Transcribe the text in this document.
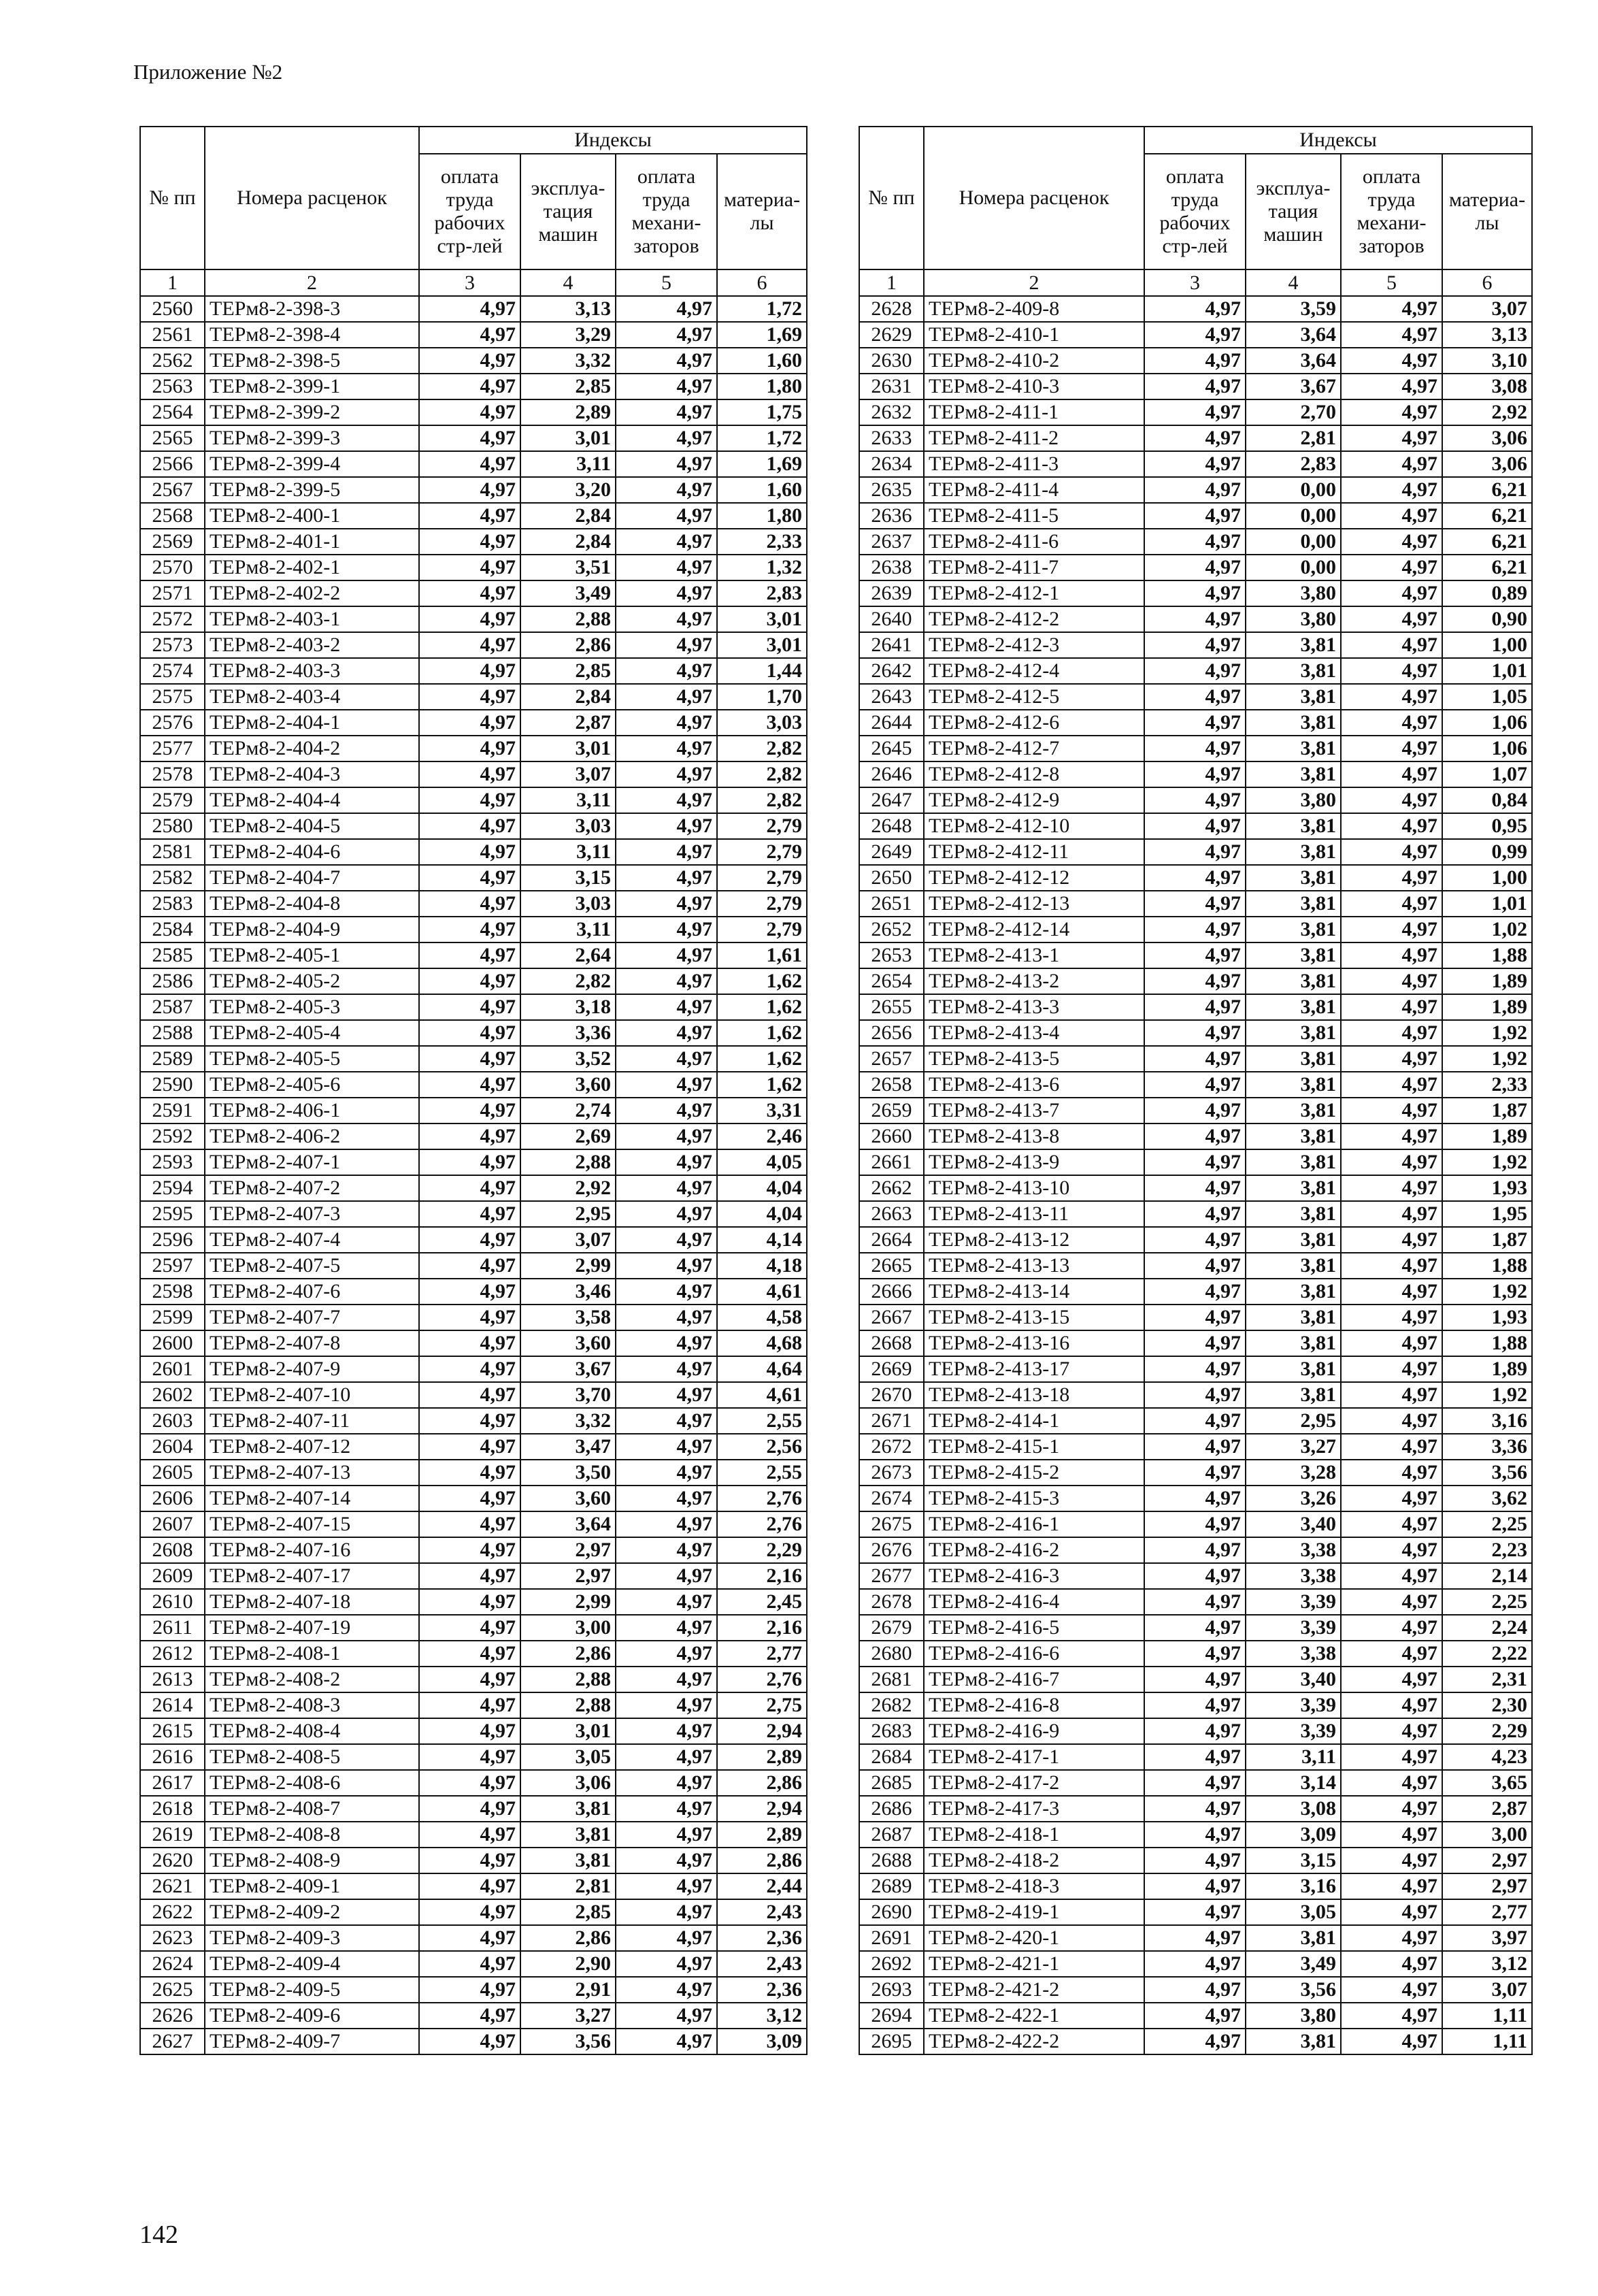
Приложение №2
№ пп	Номера расценок	Индексы			
		оплата труда рабочих стр-лей	эксплуа-тация машин	оплата труда механи-заторов	материа-лы
1	2	3	4	5	6
2560	ТЕРм8-2-398-3	4,97	3,13	4,97	1,72
2561	ТЕРм8-2-398-4	4,97	3,29	4,97	1,69
2562	ТЕРм8-2-398-5	4,97	3,32	4,97	1,60
2563	ТЕРм8-2-399-1	4,97	2,85	4,97	1,80
2564	ТЕРм8-2-399-2	4,97	2,89	4,97	1,75
2565	ТЕРм8-2-399-3	4,97	3,01	4,97	1,72
2566	ТЕРм8-2-399-4	4,97	3,11	4,97	1,69
2567	ТЕРм8-2-399-5	4,97	3,20	4,97	1,60
2568	ТЕРм8-2-400-1	4,97	2,84	4,97	1,80
2569	ТЕРм8-2-401-1	4,97	2,84	4,97	2,33
2570	ТЕРм8-2-402-1	4,97	3,51	4,97	1,32
2571	ТЕРм8-2-402-2	4,97	3,49	4,97	2,83
2572	ТЕРм8-2-403-1	4,97	2,88	4,97	3,01
2573	ТЕРм8-2-403-2	4,97	2,86	4,97	3,01
2574	ТЕРм8-2-403-3	4,97	2,85	4,97	1,44
2575	ТЕРм8-2-403-4	4,97	2,84	4,97	1,70
2576	ТЕРм8-2-404-1	4,97	2,87	4,97	3,03
2577	ТЕРм8-2-404-2	4,97	3,01	4,97	2,82
2578	ТЕРм8-2-404-3	4,97	3,07	4,97	2,82
2579	ТЕРм8-2-404-4	4,97	3,11	4,97	2,82
2580	ТЕРм8-2-404-5	4,97	3,03	4,97	2,79
2581	ТЕРм8-2-404-6	4,97	3,11	4,97	2,79
2582	ТЕРм8-2-404-7	4,97	3,15	4,97	2,79
2583	ТЕРм8-2-404-8	4,97	3,03	4,97	2,79
2584	ТЕРм8-2-404-9	4,97	3,11	4,97	2,79
2585	ТЕРм8-2-405-1	4,97	2,64	4,97	1,61
2586	ТЕРм8-2-405-2	4,97	2,82	4,97	1,62
2587	ТЕРм8-2-405-3	4,97	3,18	4,97	1,62
2588	ТЕРм8-2-405-4	4,97	3,36	4,97	1,62
2589	ТЕРм8-2-405-5	4,97	3,52	4,97	1,62
2590	ТЕРм8-2-405-6	4,97	3,60	4,97	1,62
2591	ТЕРм8-2-406-1	4,97	2,74	4,97	3,31
2592	ТЕРм8-2-406-2	4,97	2,69	4,97	2,46
2593	ТЕРм8-2-407-1	4,97	2,88	4,97	4,05
2594	ТЕРм8-2-407-2	4,97	2,92	4,97	4,04
2595	ТЕРм8-2-407-3	4,97	2,95	4,97	4,04
2596	ТЕРм8-2-407-4	4,97	3,07	4,97	4,14
2597	ТЕРм8-2-407-5	4,97	2,99	4,97	4,18
2598	ТЕРм8-2-407-6	4,97	3,46	4,97	4,61
2599	ТЕРм8-2-407-7	4,97	3,58	4,97	4,58
2600	ТЕРм8-2-407-8	4,97	3,60	4,97	4,68
2601	ТЕРм8-2-407-9	4,97	3,67	4,97	4,64
2602	ТЕРм8-2-407-10	4,97	3,70	4,97	4,61
2603	ТЕРм8-2-407-11	4,97	3,32	4,97	2,55
2604	ТЕРм8-2-407-12	4,97	3,47	4,97	2,56
2605	ТЕРм8-2-407-13	4,97	3,50	4,97	2,55
2606	ТЕРм8-2-407-14	4,97	3,60	4,97	2,76
2607	ТЕРм8-2-407-15	4,97	3,64	4,97	2,76
2608	ТЕРм8-2-407-16	4,97	2,97	4,97	2,29
2609	ТЕРм8-2-407-17	4,97	2,97	4,97	2,16
2610	ТЕРм8-2-407-18	4,97	2,99	4,97	2,45
2611	ТЕРм8-2-407-19	4,97	3,00	4,97	2,16
2612	ТЕРм8-2-408-1	4,97	2,86	4,97	2,77
2613	ТЕРм8-2-408-2	4,97	2,88	4,97	2,76
2614	ТЕРм8-2-408-3	4,97	2,88	4,97	2,75
2615	ТЕРм8-2-408-4	4,97	3,01	4,97	2,94
2616	ТЕРм8-2-408-5	4,97	3,05	4,97	2,89
2617	ТЕРм8-2-408-6	4,97	3,06	4,97	2,86
2618	ТЕРм8-2-408-7	4,97	3,81	4,97	2,94
2619	ТЕРм8-2-408-8	4,97	3,81	4,97	2,89
2620	ТЕРм8-2-408-9	4,97	3,81	4,97	2,86
2621	ТЕРм8-2-409-1	4,97	2,81	4,97	2,44
2622	ТЕРм8-2-409-2	4,97	2,85	4,97	2,43
2623	ТЕРм8-2-409-3	4,97	2,86	4,97	2,36
2624	ТЕРм8-2-409-4	4,97	2,90	4,97	2,43
2625	ТЕРм8-2-409-5	4,97	2,91	4,97	2,36
2626	ТЕРм8-2-409-6	4,97	3,27	4,97	3,12
2627	ТЕРм8-2-409-7	4,97	3,56	4,97	3,09
№ пп	Номера расценок	Индексы			
		оплата труда рабочих стр-лей	эксплуа-тация машин	оплата труда механи-заторов	материа-лы
1	2	3	4	5	6
2628	ТЕРм8-2-409-8	4,97	3,59	4,97	3,07
2629	ТЕРм8-2-410-1	4,97	3,64	4,97	3,13
2630	ТЕРм8-2-410-2	4,97	3,64	4,97	3,10
2631	ТЕРм8-2-410-3	4,97	3,67	4,97	3,08
2632	ТЕРм8-2-411-1	4,97	2,70	4,97	2,92
2633	ТЕРм8-2-411-2	4,97	2,81	4,97	3,06
2634	ТЕРм8-2-411-3	4,97	2,83	4,97	3,06
2635	ТЕРм8-2-411-4	4,97	0,00	4,97	6,21
2636	ТЕРм8-2-411-5	4,97	0,00	4,97	6,21
2637	ТЕРм8-2-411-6	4,97	0,00	4,97	6,21
2638	ТЕРм8-2-411-7	4,97	0,00	4,97	6,21
2639	ТЕРм8-2-412-1	4,97	3,80	4,97	0,89
2640	ТЕРм8-2-412-2	4,97	3,80	4,97	0,90
2641	ТЕРм8-2-412-3	4,97	3,81	4,97	1,00
2642	ТЕРм8-2-412-4	4,97	3,81	4,97	1,01
2643	ТЕРм8-2-412-5	4,97	3,81	4,97	1,05
2644	ТЕРм8-2-412-6	4,97	3,81	4,97	1,06
2645	ТЕРм8-2-412-7	4,97	3,81	4,97	1,06
2646	ТЕРм8-2-412-8	4,97	3,81	4,97	1,07
2647	ТЕРм8-2-412-9	4,97	3,80	4,97	0,84
2648	ТЕРм8-2-412-10	4,97	3,81	4,97	0,95
2649	ТЕРм8-2-412-11	4,97	3,81	4,97	0,99
2650	ТЕРм8-2-412-12	4,97	3,81	4,97	1,00
2651	ТЕРм8-2-412-13	4,97	3,81	4,97	1,01
2652	ТЕРм8-2-412-14	4,97	3,81	4,97	1,02
2653	ТЕРм8-2-413-1	4,97	3,81	4,97	1,88
2654	ТЕРм8-2-413-2	4,97	3,81	4,97	1,89
2655	ТЕРм8-2-413-3	4,97	3,81	4,97	1,89
2656	ТЕРм8-2-413-4	4,97	3,81	4,97	1,92
2657	ТЕРм8-2-413-5	4,97	3,81	4,97	1,92
2658	ТЕРм8-2-413-6	4,97	3,81	4,97	2,33
2659	ТЕРм8-2-413-7	4,97	3,81	4,97	1,87
2660	ТЕРм8-2-413-8	4,97	3,81	4,97	1,89
2661	ТЕРм8-2-413-9	4,97	3,81	4,97	1,92
2662	ТЕРм8-2-413-10	4,97	3,81	4,97	1,93
2663	ТЕРм8-2-413-11	4,97	3,81	4,97	1,95
2664	ТЕРм8-2-413-12	4,97	3,81	4,97	1,87
2665	ТЕРм8-2-413-13	4,97	3,81	4,97	1,88
2666	ТЕРм8-2-413-14	4,97	3,81	4,97	1,92
2667	ТЕРм8-2-413-15	4,97	3,81	4,97	1,93
2668	ТЕРм8-2-413-16	4,97	3,81	4,97	1,88
2669	ТЕРм8-2-413-17	4,97	3,81	4,97	1,89
2670	ТЕРм8-2-413-18	4,97	3,81	4,97	1,92
2671	ТЕРм8-2-414-1	4,97	2,95	4,97	3,16
2672	ТЕРм8-2-415-1	4,97	3,27	4,97	3,36
2673	ТЕРм8-2-415-2	4,97	3,28	4,97	3,56
2674	ТЕРм8-2-415-3	4,97	3,26	4,97	3,62
2675	ТЕРм8-2-416-1	4,97	3,40	4,97	2,25
2676	ТЕРм8-2-416-2	4,97	3,38	4,97	2,23
2677	ТЕРм8-2-416-3	4,97	3,38	4,97	2,14
2678	ТЕРм8-2-416-4	4,97	3,39	4,97	2,25
2679	ТЕРм8-2-416-5	4,97	3,39	4,97	2,24
2680	ТЕРм8-2-416-6	4,97	3,38	4,97	2,22
2681	ТЕРм8-2-416-7	4,97	3,40	4,97	2,31
2682	ТЕРм8-2-416-8	4,97	3,39	4,97	2,30
2683	ТЕРм8-2-416-9	4,97	3,39	4,97	2,29
2684	ТЕРм8-2-417-1	4,97	3,11	4,97	4,23
2685	ТЕРм8-2-417-2	4,97	3,14	4,97	3,65
2686	ТЕРм8-2-417-3	4,97	3,08	4,97	2,87
2687	ТЕРм8-2-418-1	4,97	3,09	4,97	3,00
2688	ТЕРм8-2-418-2	4,97	3,15	4,97	2,97
2689	ТЕРм8-2-418-3	4,97	3,16	4,97	2,97
2690	ТЕРм8-2-419-1	4,97	3,05	4,97	2,77
2691	ТЕРм8-2-420-1	4,97	3,81	4,97	3,97
2692	ТЕРм8-2-421-1	4,97	3,49	4,97	3,12
2693	ТЕРм8-2-421-2	4,97	3,56	4,97	3,07
2694	ТЕРм8-2-422-1	4,97	3,80	4,97	1,11
2695	ТЕРм8-2-422-2	4,97	3,81	4,97	1,11
142
